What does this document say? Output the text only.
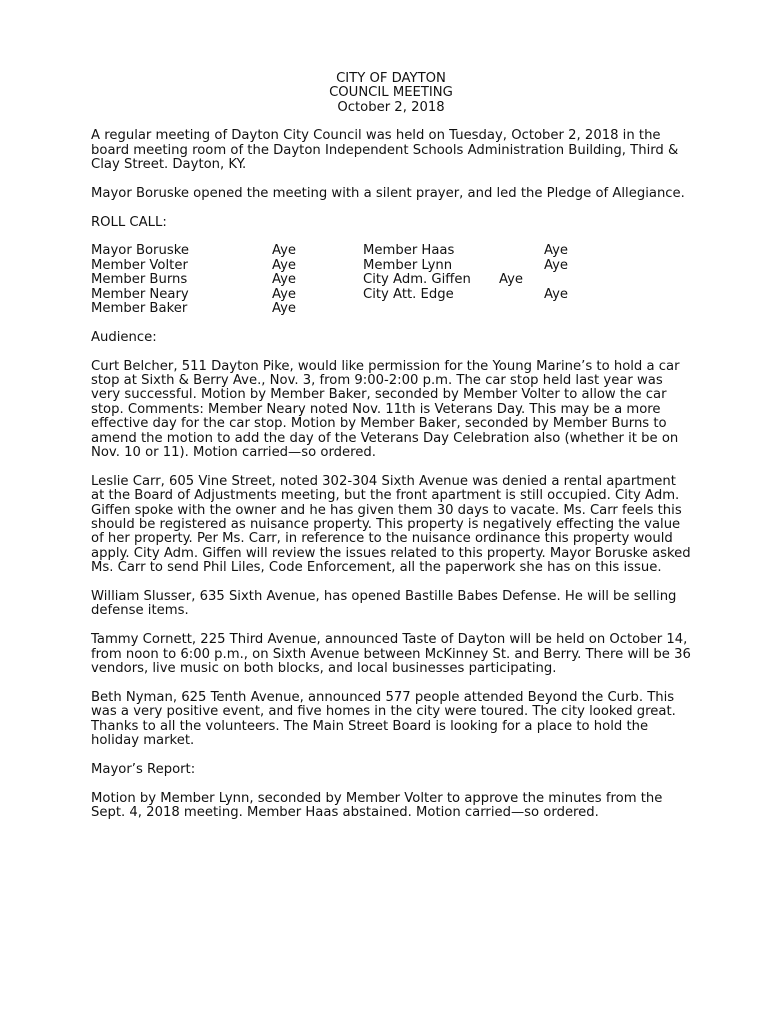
CITY OF DAYTON
COUNCIL MEETING
October 2, 2018

A regular meeting of Dayton City Council was held on Tuesday, October 2, 2018 in the board meeting room of the Dayton Independent Schools Administration Building, Third & Clay Street. Dayton, KY.

Mayor Boruske opened the meeting with a silent prayer, and led the Pledge of Allegiance.

ROLL CALL:

Mayor Boruske	Aye
Member Volter	Aye
Member Burns	Aye
Member Neary	Aye
Member Baker	Aye
Member Haas	Aye
Member Lynn	Aye
City Adm. Giffen	Aye
City Att. Edge	Aye

Audience:

Curt Belcher, 511 Dayton Pike, would like permission for the Young Marine’s to hold a car stop at Sixth & Berry Ave., Nov. 3, from 9:00-2:00 p.m. The car stop held last year was very successful. Motion by Member Baker, seconded by Member Volter to allow the car stop. Comments: Member Neary noted Nov. 11th is Veterans Day. This may be a more effective day for the car stop. Motion by Member Baker, seconded by Member Burns to amend the motion to add the day of the Veterans Day Celebration also (whether it be on Nov. 10 or 11). Motion carried—so ordered.

Leslie Carr, 605 Vine Street, noted 302-304 Sixth Avenue was denied a rental apartment at the Board of Adjustments meeting, but the front apartment is still occupied. City Adm. Giffen spoke with the owner and he has given them 30 days to vacate. Ms. Carr feels this should be registered as nuisance property. This property is negatively effecting the value of her property. Per Ms. Carr, in reference to the nuisance ordinance this property would apply. City Adm. Giffen will review the issues related to this property. Mayor Boruske asked Ms. Carr to send Phil Liles, Code Enforcement, all the paperwork she has on this issue.

William Slusser, 635 Sixth Avenue, has opened Bastille Babes Defense. He will be selling defense items.

Tammy Cornett, 225 Third Avenue, announced Taste of Dayton will be held on October 14, from noon to 6:00 p.m., on Sixth Avenue between McKinney St. and Berry. There will be 36 vendors, live music on both blocks, and local businesses participating.

Beth Nyman, 625 Tenth Avenue, announced 577 people attended Beyond the Curb. This was a very positive event, and five homes in the city were toured. The city looked great. Thanks to all the volunteers. The Main Street Board is looking for a place to hold the holiday market.

Mayor’s Report:

Motion by Member Lynn, seconded by Member Volter to approve the minutes from the Sept. 4, 2018 meeting. Member Haas abstained. Motion carried—so ordered.
